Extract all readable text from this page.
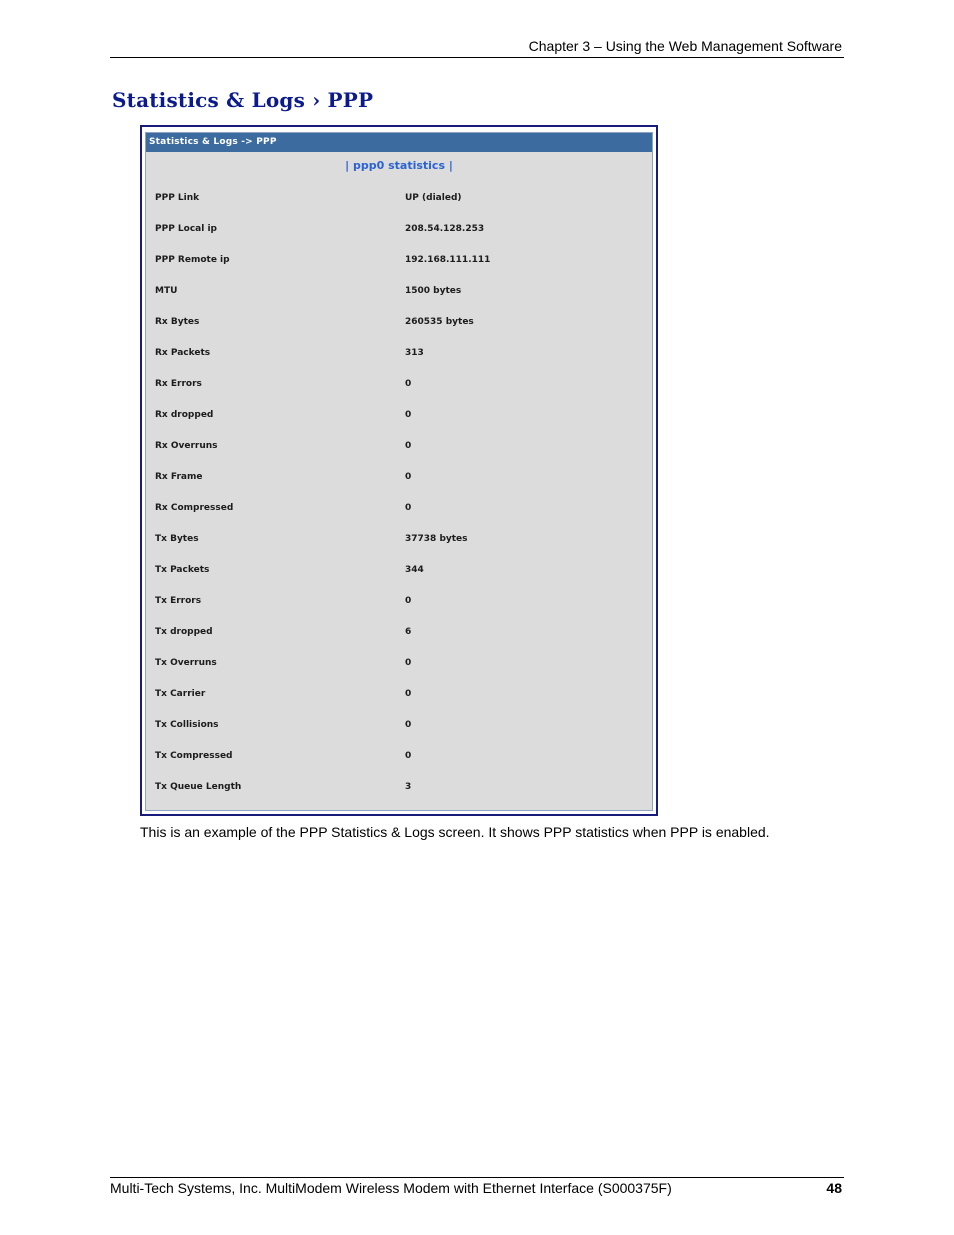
Chapter 3 – Using the Web Management Software
Statistics & Logs › PPP
Statistics & Logs -> PPP
| ppp0 statistics |
PPP Link	UP (dialed)
PPP Local ip	208.54.128.253
PPP Remote ip	192.168.111.111
MTU	1500 bytes
Rx Bytes	260535 bytes
Rx Packets	313
Rx Errors	0
Rx dropped	0
Rx Overruns	0
Rx Frame	0
Rx Compressed	0
Tx Bytes	37738 bytes
Tx Packets	344
Tx Errors	0
Tx dropped	6
Tx Overruns	0
Tx Carrier	0
Tx Collisions	0
Tx Compressed	0
Tx Queue Length	3

This is an example of the PPP Statistics & Logs screen. It shows PPP statistics when PPP is enabled.

Multi-Tech Systems, Inc. MultiModem Wireless Modem with Ethernet Interface (S000375F)	48
